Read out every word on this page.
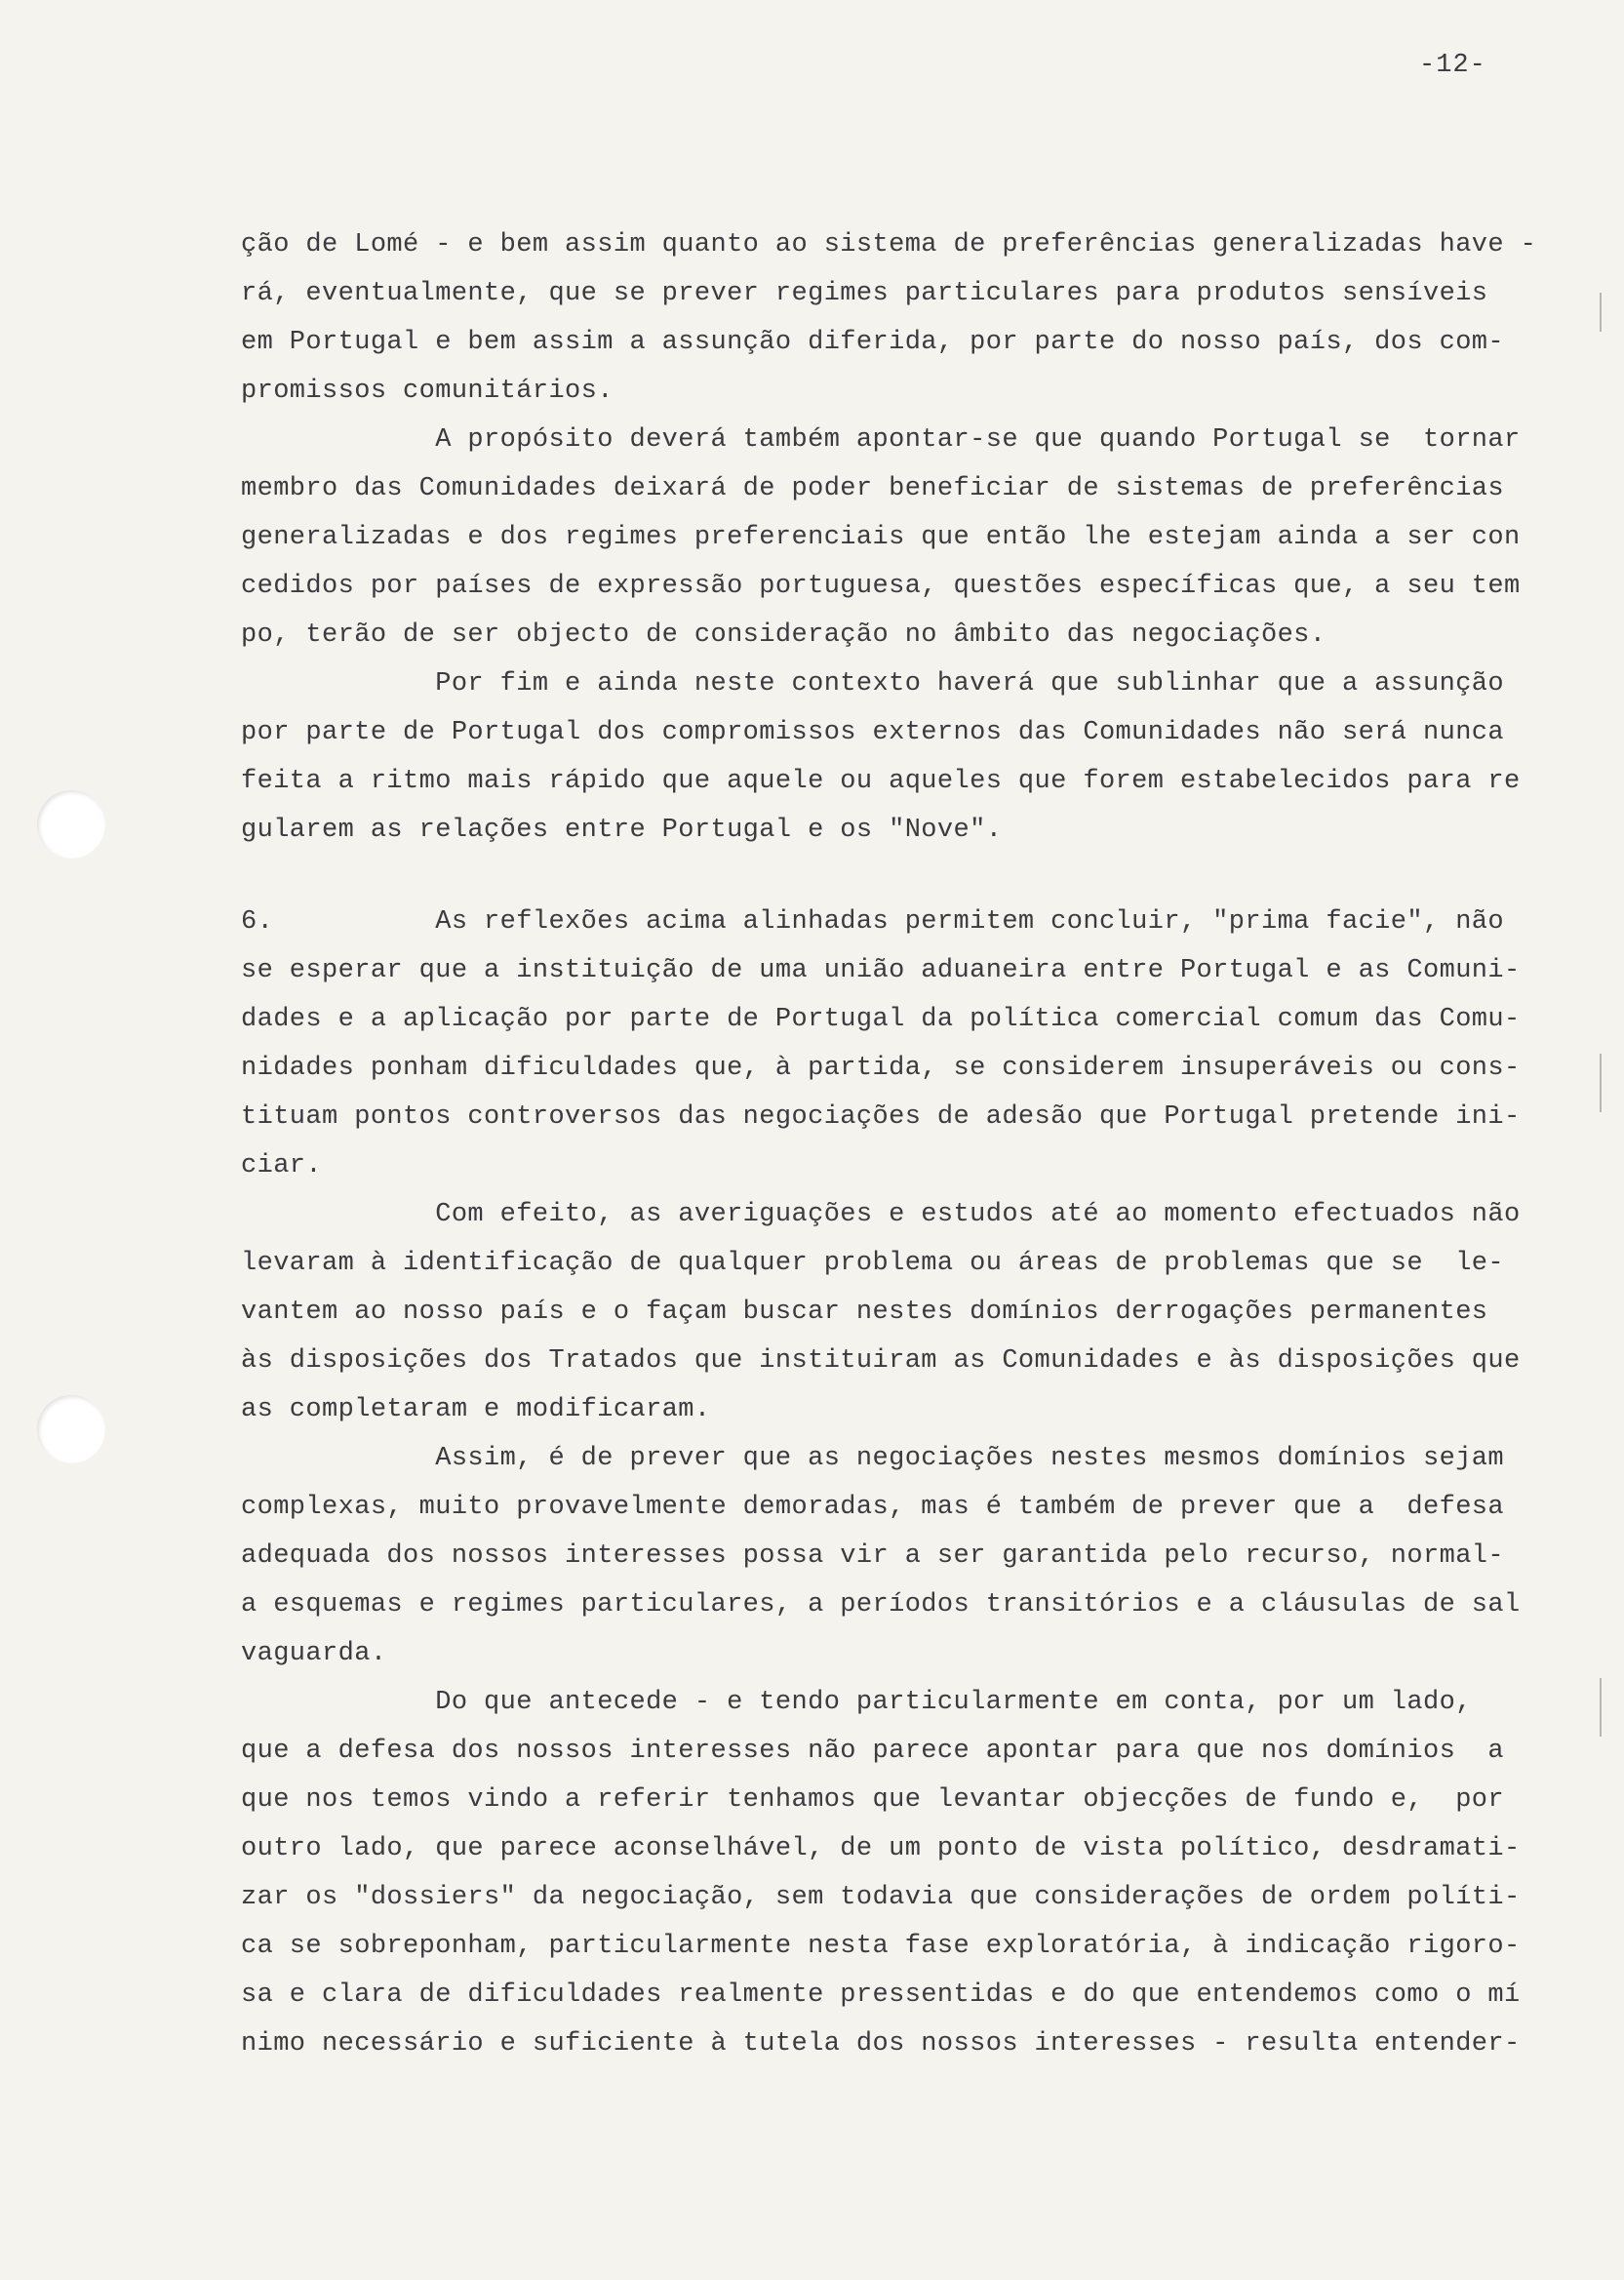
-12-
ção de Lomé - e bem assim quanto ao sistema de preferências generalizadas have -
rá, eventualmente, que se prever regimes particulares para produtos sensíveis
em Portugal e bem assim a assunção diferida, por parte do nosso país, dos com-
promissos comunitários.
A propósito deverá também apontar-se que quando Portugal se  tornar
membro das Comunidades deixará de poder beneficiar de sistemas de preferências
generalizadas e dos regimes preferenciais que então lhe estejam ainda a ser con
cedidos por países de expressão portuguesa, questões específicas que, a seu tem
po, terão de ser objecto de consideração no âmbito das negociações.
Por fim e ainda neste contexto haverá que sublinhar que a assunção
por parte de Portugal dos compromissos externos das Comunidades não será nunca
feita a ritmo mais rápido que aquele ou aqueles que forem estabelecidos para re
gularem as relações entre Portugal e os "Nove".
6.          As reflexões acima alinhadas permitem concluir, "prima facie", não
se esperar que a instituição de uma união aduaneira entre Portugal e as Comuni-
dades e a aplicação por parte de Portugal da política comercial comum das Comu-
nidades ponham dificuldades que, à partida, se considerem insuperáveis ou cons-
tituam pontos controversos das negociações de adesão que Portugal pretende ini-
ciar.
Com efeito, as averiguações e estudos até ao momento efectuados não
levaram à identificação de qualquer problema ou áreas de problemas que se  le-
vantem ao nosso país e o façam buscar nestes domínios derrogações permanentes
às disposições dos Tratados que instituiram as Comunidades e às disposições que
as completaram e modificaram.
Assim, é de prever que as negociações nestes mesmos domínios sejam
complexas, muito provavelmente demoradas, mas é também de prever que a  defesa
adequada dos nossos interesses possa vir a ser garantida pelo recurso, normal-
a esquemas e regimes particulares, a períodos transitórios e a cláusulas de sal
vaguarda.
Do que antecede - e tendo particularmente em conta, por um lado,
que a defesa dos nossos interesses não parece apontar para que nos domínios  a
que nos temos vindo a referir tenhamos que levantar objecções de fundo e,  por
outro lado, que parece aconselhável, de um ponto de vista político, desdramati-
zar os "dossiers" da negociação, sem todavia que considerações de ordem políti-
ca se sobreponham, particularmente nesta fase exploratória, à indicação rigoro-
sa e clara de dificuldades realmente pressentidas e do que entendemos como o mí
nimo necessário e suficiente à tutela dos nossos interesses - resulta entender-
